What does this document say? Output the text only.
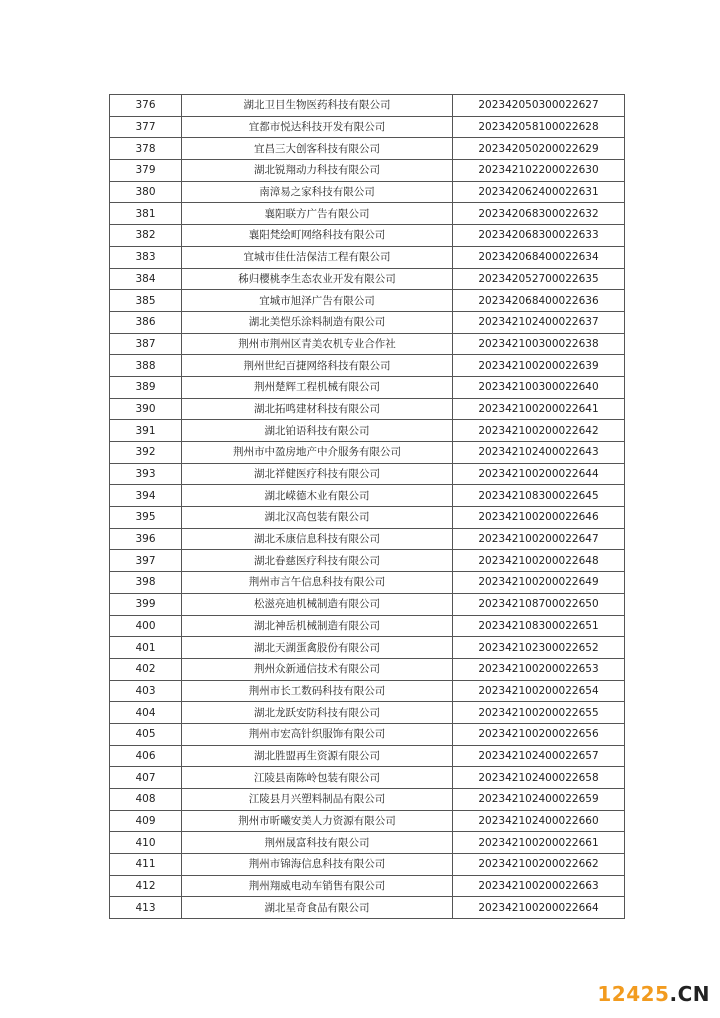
376	湖北卫目生物医药科技有限公司	202342050300022627
377	宜都市悦达科技开发有限公司	202342058100022628
378	宜昌三大创客科技有限公司	202342050200022629
379	湖北锐翔动力科技有限公司	202342102200022630
380	南漳易之家科技有限公司	202342062400022631
381	襄阳联方广告有限公司	202342068300022632
382	襄阳梵绘町网络科技有限公司	202342068300022633
383	宜城市佳仕洁保洁工程有限公司	202342068400022634
384	秭归樱桃李生态农业开发有限公司	202342052700022635
385	宜城市旭泽广告有限公司	202342068400022636
386	湖北美恺乐涂料制造有限公司	202342102400022637
387	荆州市荆州区青美农机专业合作社	202342100300022638
388	荆州世纪百捷网络科技有限公司	202342100200022639
389	荆州楚辉工程机械有限公司	202342100300022640
390	湖北拓鸣建材科技有限公司	202342100200022641
391	湖北铂语科技有限公司	202342100200022642
392	荆州市中盈房地产中介服务有限公司	202342102400022643
393	湖北祥健医疗科技有限公司	202342100200022644
394	湖北嵘德木业有限公司	202342108300022645
395	湖北汉高包装有限公司	202342100200022646
396	湖北禾康信息科技有限公司	202342100200022647
397	湖北眷慈医疗科技有限公司	202342100200022648
398	荆州市言午信息科技有限公司	202342100200022649
399	松滋亮迪机械制造有限公司	202342108700022650
400	湖北神岳机械制造有限公司	202342108300022651
401	湖北天湖蛋禽股份有限公司	202342102300022652
402	荆州众新通信技术有限公司	202342100200022653
403	荆州市长工数码科技有限公司	202342100200022654
404	湖北龙跃安防科技有限公司	202342100200022655
405	荆州市宏高针织服饰有限公司	202342100200022656
406	湖北胜盟再生资源有限公司	202342102400022657
407	江陵县南陈岭包装有限公司	202342102400022658
408	江陵县月兴塑料制品有限公司	202342102400022659
409	荆州市昕曦安美人力资源有限公司	202342102400022660
410	荆州晟富科技有限公司	202342100200022661
411	荆州市锦海信息科技有限公司	202342100200022662
412	荆州翔威电动车销售有限公司	202342100200022663
413	湖北星奇食品有限公司	202342100200022664
12425.CN
